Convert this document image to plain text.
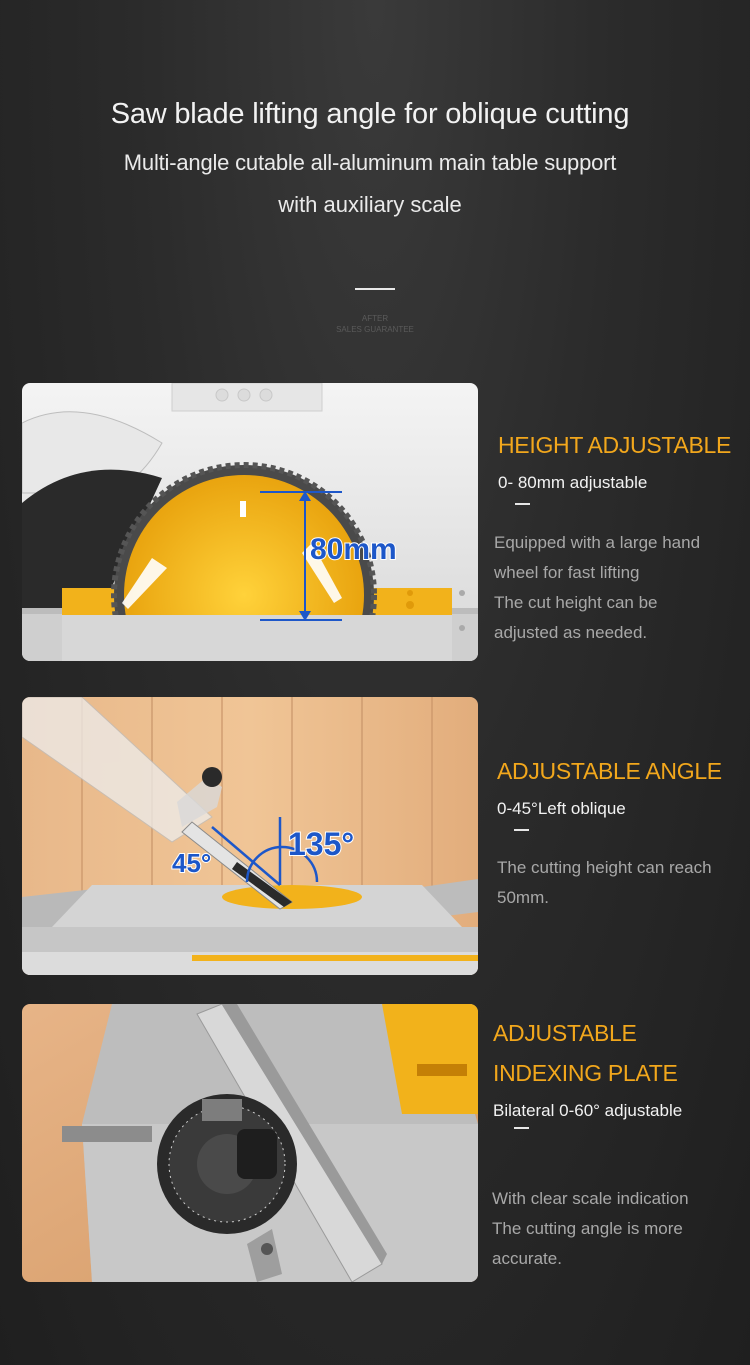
Saw blade lifting angle for oblique cutting
Multi-angle cutable all-aluminum main table support
with auxiliary scale
AFTER
SALES GUARANTEE
80mm
HEIGHT ADJUSTABLE
0- 80mm adjustable
Equipped with a large hand
wheel for fast lifting
The cut height can be
adjusted as needed.
45°
135°
ADJUSTABLE ANGLE
0-45°Left oblique
The cutting height can reach
50mm.
ADJUSTABLE
INDEXING PLATE
Bilateral 0-60° adjustable
With clear scale indication
The cutting angle is more
accurate.
